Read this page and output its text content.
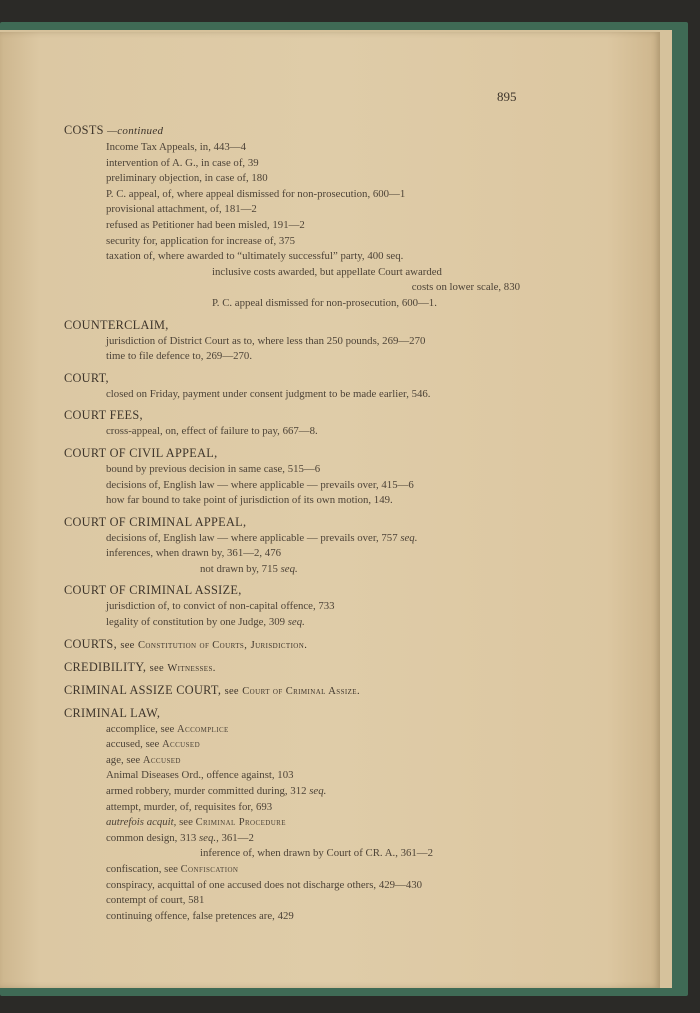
895
COSTS —continued
Income Tax Appeals, in, 443—4
intervention of A. G., in case of, 39
preliminary objection, in case of, 180
P. C. appeal, of, where appeal dismissed for non-prosecution, 600—1
provisional attachment, of, 181—2
refused as Petitioner had been misled, 191—2
security for, application for increase of, 375
taxation of, where awarded to “ultimately successful” party, 400 seq.
inclusive costs awarded, but appellate Court awarded
costs on lower scale, 830
P. C. appeal dismissed for non-prosecution, 600—1.
COUNTERCLAIM,
jurisdiction of District Court as to, where less than 250 pounds, 269—270
time to file defence to, 269—270.
COURT,
closed on Friday, payment under consent judgment to be made earlier, 546.
COURT FEES,
cross-appeal, on, effect of failure to pay, 667—8.
COURT OF CIVIL APPEAL,
bound by previous decision in same case, 515—6
decisions of, English law — where applicable — prevails over, 415—6
how far bound to take point of jurisdiction of its own motion, 149.
COURT OF CRIMINAL APPEAL,
decisions of, English law — where applicable — prevails over, 757 seq.
inferences, when drawn by, 361—2, 476
not drawn by, 715 seq.
COURT OF CRIMINAL ASSIZE,
jurisdiction of, to convict of non-capital offence, 733
legality of constitution by one Judge, 309 seq.
COURTS, see Constitution of Courts, Jurisdiction.
CREDIBILITY, see Witnesses.
CRIMINAL ASSIZE COURT, see Court of Criminal Assize.
CRIMINAL LAW,
accomplice, see Accomplice
accused, see Accused
age, see Accused
Animal Diseases Ord., offence against, 103
armed robbery, murder committed during, 312 seq.
attempt, murder, of, requisites for, 693
autrefois acquit, see Criminal Procedure
common design, 313 seq., 361—2
inference of, when drawn by Court of CR. A., 361—2
confiscation, see Confiscation
conspiracy, acquittal of one accused does not discharge others, 429—430
contempt of court, 581
continuing offence, false pretences are, 429
